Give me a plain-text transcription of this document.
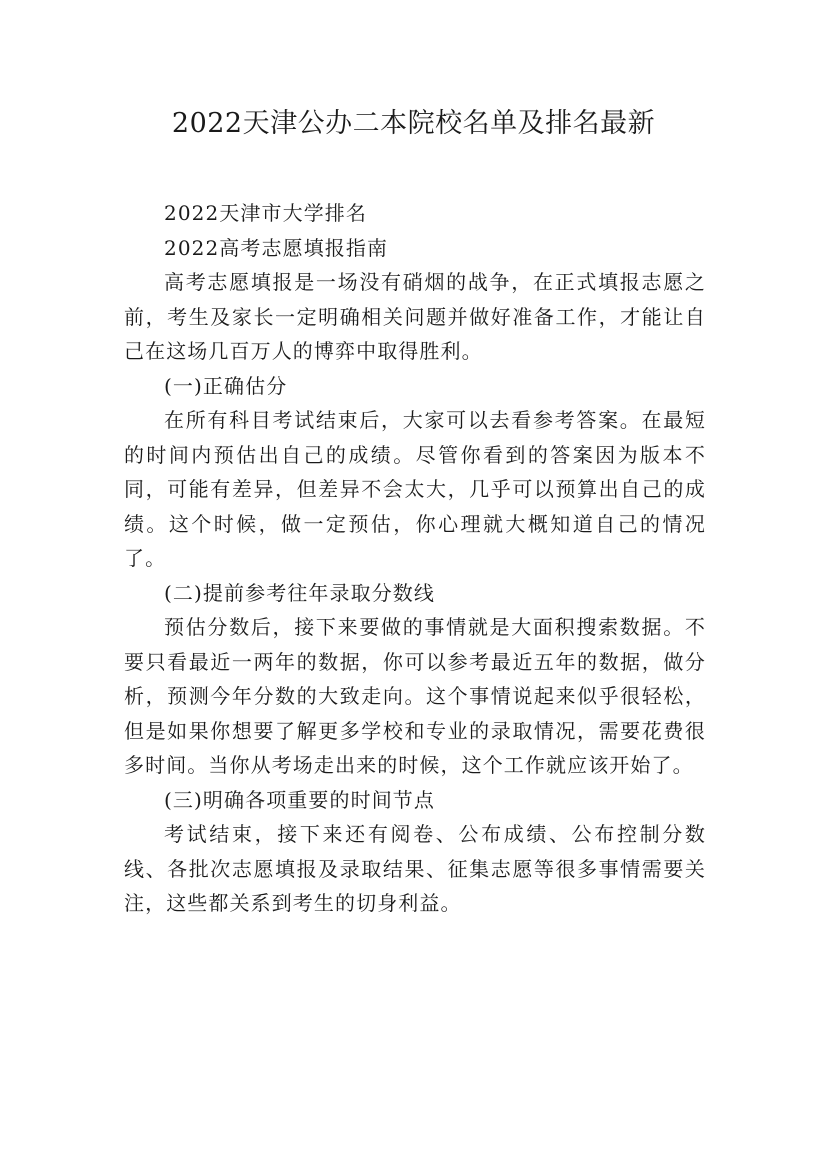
2022天津公办二本院校名单及排名最新

2022天津市大学排名

2022高考志愿填报指南

高考志愿填报是一场没有硝烟的战争，在正式填报志愿之前，考生及家长一定明确相关问题并做好准备工作，才能让自己在这场几百万人的博弈中取得胜利。

(一)正确估分

在所有科目考试结束后，大家可以去看参考答案。在最短的时间内预估出自己的成绩。尽管你看到的答案因为版本不同，可能有差异，但差异不会太大，几乎可以预算出自己的成绩。这个时候，做一定预估，你心理就大概知道自己的情况了。

(二)提前参考往年录取分数线

预估分数后，接下来要做的事情就是大面积搜索数据。不要只看最近一两年的数据，你可以参考最近五年的数据，做分析，预测今年分数的大致走向。这个事情说起来似乎很轻松，但是如果你想要了解更多学校和专业的录取情况，需要花费很多时间。当你从考场走出来的时候，这个工作就应该开始了。

(三)明确各项重要的时间节点

考试结束，接下来还有阅卷、公布成绩、公布控制分数线、各批次志愿填报及录取结果、征集志愿等很多事情需要关注，这些都关系到考生的切身利益。
